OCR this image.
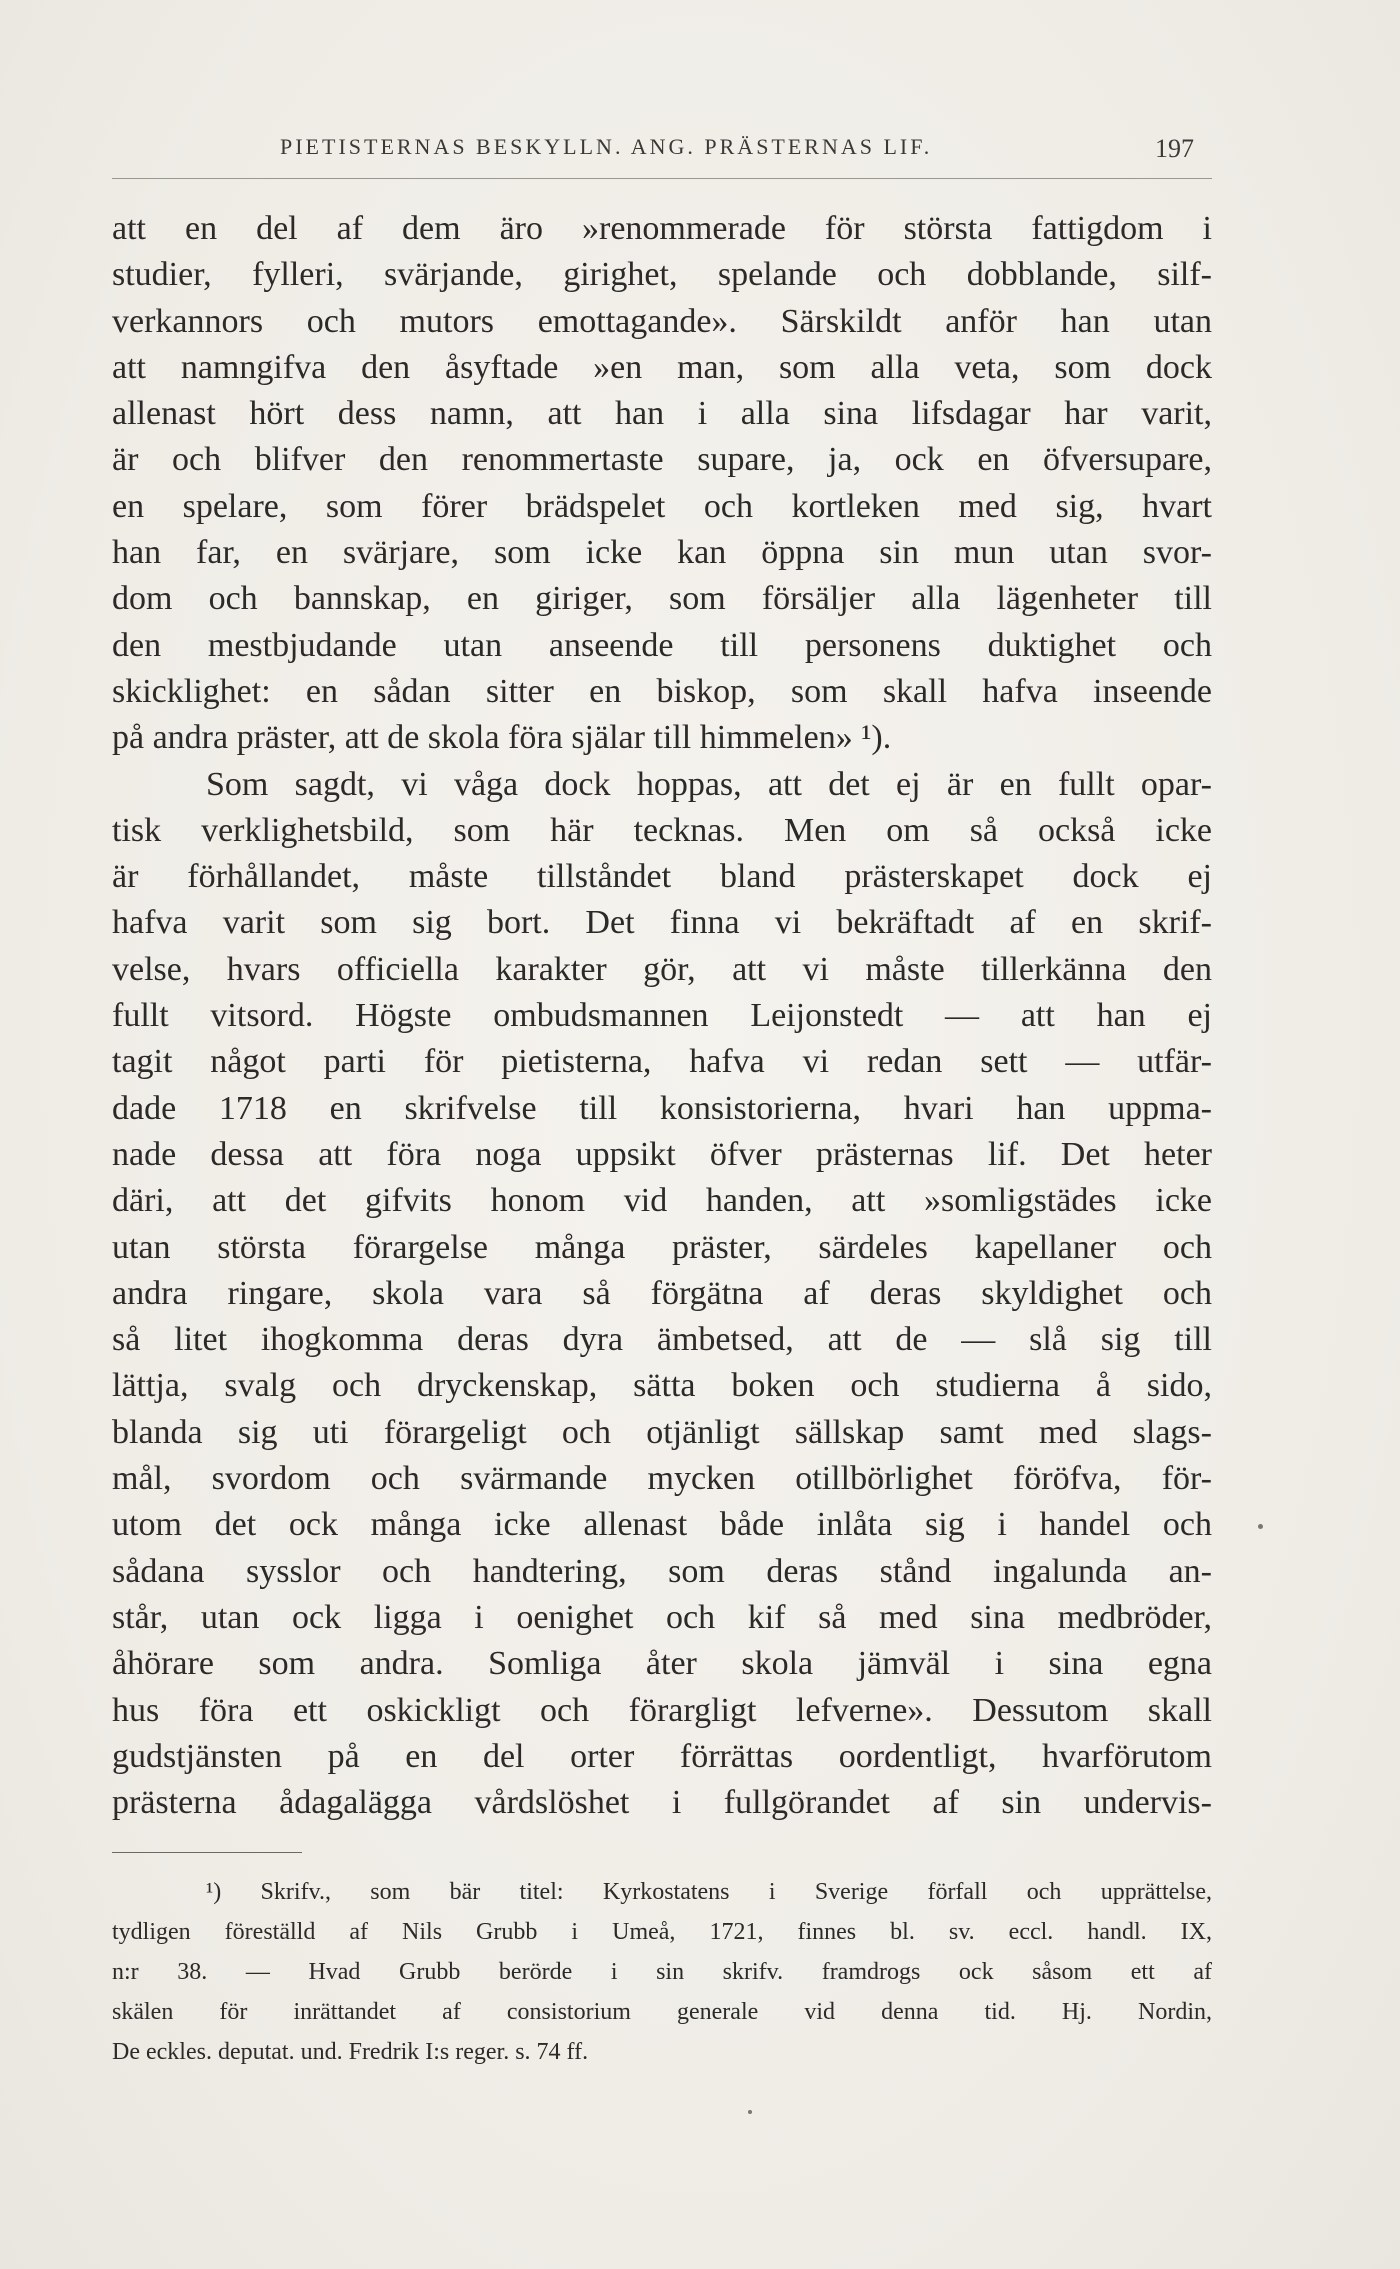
PIETISTERNAS BESKYLLN. ANG. PRÄSTERNAS LIF.	197
att en del af dem äro »renommerade för största fattigdom i
studier, fylleri, svärjande, girighet, spelande och dobblande, silf-
verkannors och mutors emottagande». Särskildt anför han utan
att namngifva den åsyftade »en man, som alla veta, som dock
allenast hört dess namn, att han i alla sina lifsdagar har varit,
är och blifver den renommertaste supare, ja, ock en öfversupare,
en spelare, som förer brädspelet och kortleken med sig, hvart
han far, en svärjare, som icke kan öppna sin mun utan svor-
dom och bannskap, en giriger, som försäljer alla lägenheter till
den mestbjudande utan anseende till personens duktighet och
skicklighet: en sådan sitter en biskop, som skall hafva inseende
på andra präster, att de skola föra själar till himmelen» ¹).
Som sagdt, vi våga dock hoppas, att det ej är en fullt opar-
tisk verklighetsbild, som här tecknas. Men om så också icke
är förhållandet, måste tillståndet bland prästerskapet dock ej
hafva varit som sig bort. Det finna vi bekräftadt af en skrif-
velse, hvars officiella karakter gör, att vi måste tillerkänna den
fullt vitsord. Högste ombudsmannen Leijonstedt — att han ej
tagit något parti för pietisterna, hafva vi redan sett — utfär-
dade 1718 en skrifvelse till konsistorierna, hvari han uppma-
nade dessa att föra noga uppsikt öfver prästernas lif. Det heter
däri, att det gifvits honom vid handen, att »somligstädes icke
utan största förargelse många präster, särdeles kapellaner och
andra ringare, skola vara så förgätna af deras skyldighet och
så litet ihogkomma deras dyra ämbetsed, att de — slå sig till
lättja, svalg och dryckenskap, sätta boken och studierna å sido,
blanda sig uti förargeligt och otjänligt sällskap samt med slags-
mål, svordom och svärmande mycken otillbörlighet föröfva, för-
utom det ock många icke allenast både inlåta sig i handel och
sådana sysslor och handtering, som deras stånd ingalunda an-
står, utan ock ligga i oenighet och kif så med sina medbröder,
åhörare som andra. Somliga åter skola jämväl i sina egna
hus föra ett oskickligt och förargligt lefverne». Dessutom skall
gudstjänsten på en del orter förrättas oordentligt, hvarförutom
prästerna ådagalägga vårdslöshet i fullgörandet af sin undervis-
¹) Skrifv., som bär titel: Kyrkostatens i Sverige förfall och upprättelse,
tydligen föreställd af Nils Grubb i Umeå, 1721, finnes bl. sv. eccl. handl. IX,
n:r 38. — Hvad Grubb berörde i sin skrifv. framdrogs ock såsom ett af
skälen för inrättandet af consistorium generale vid denna tid. Hj. Nordin,
De eckles. deputat. und. Fredrik I:s reger. s. 74 ff.
